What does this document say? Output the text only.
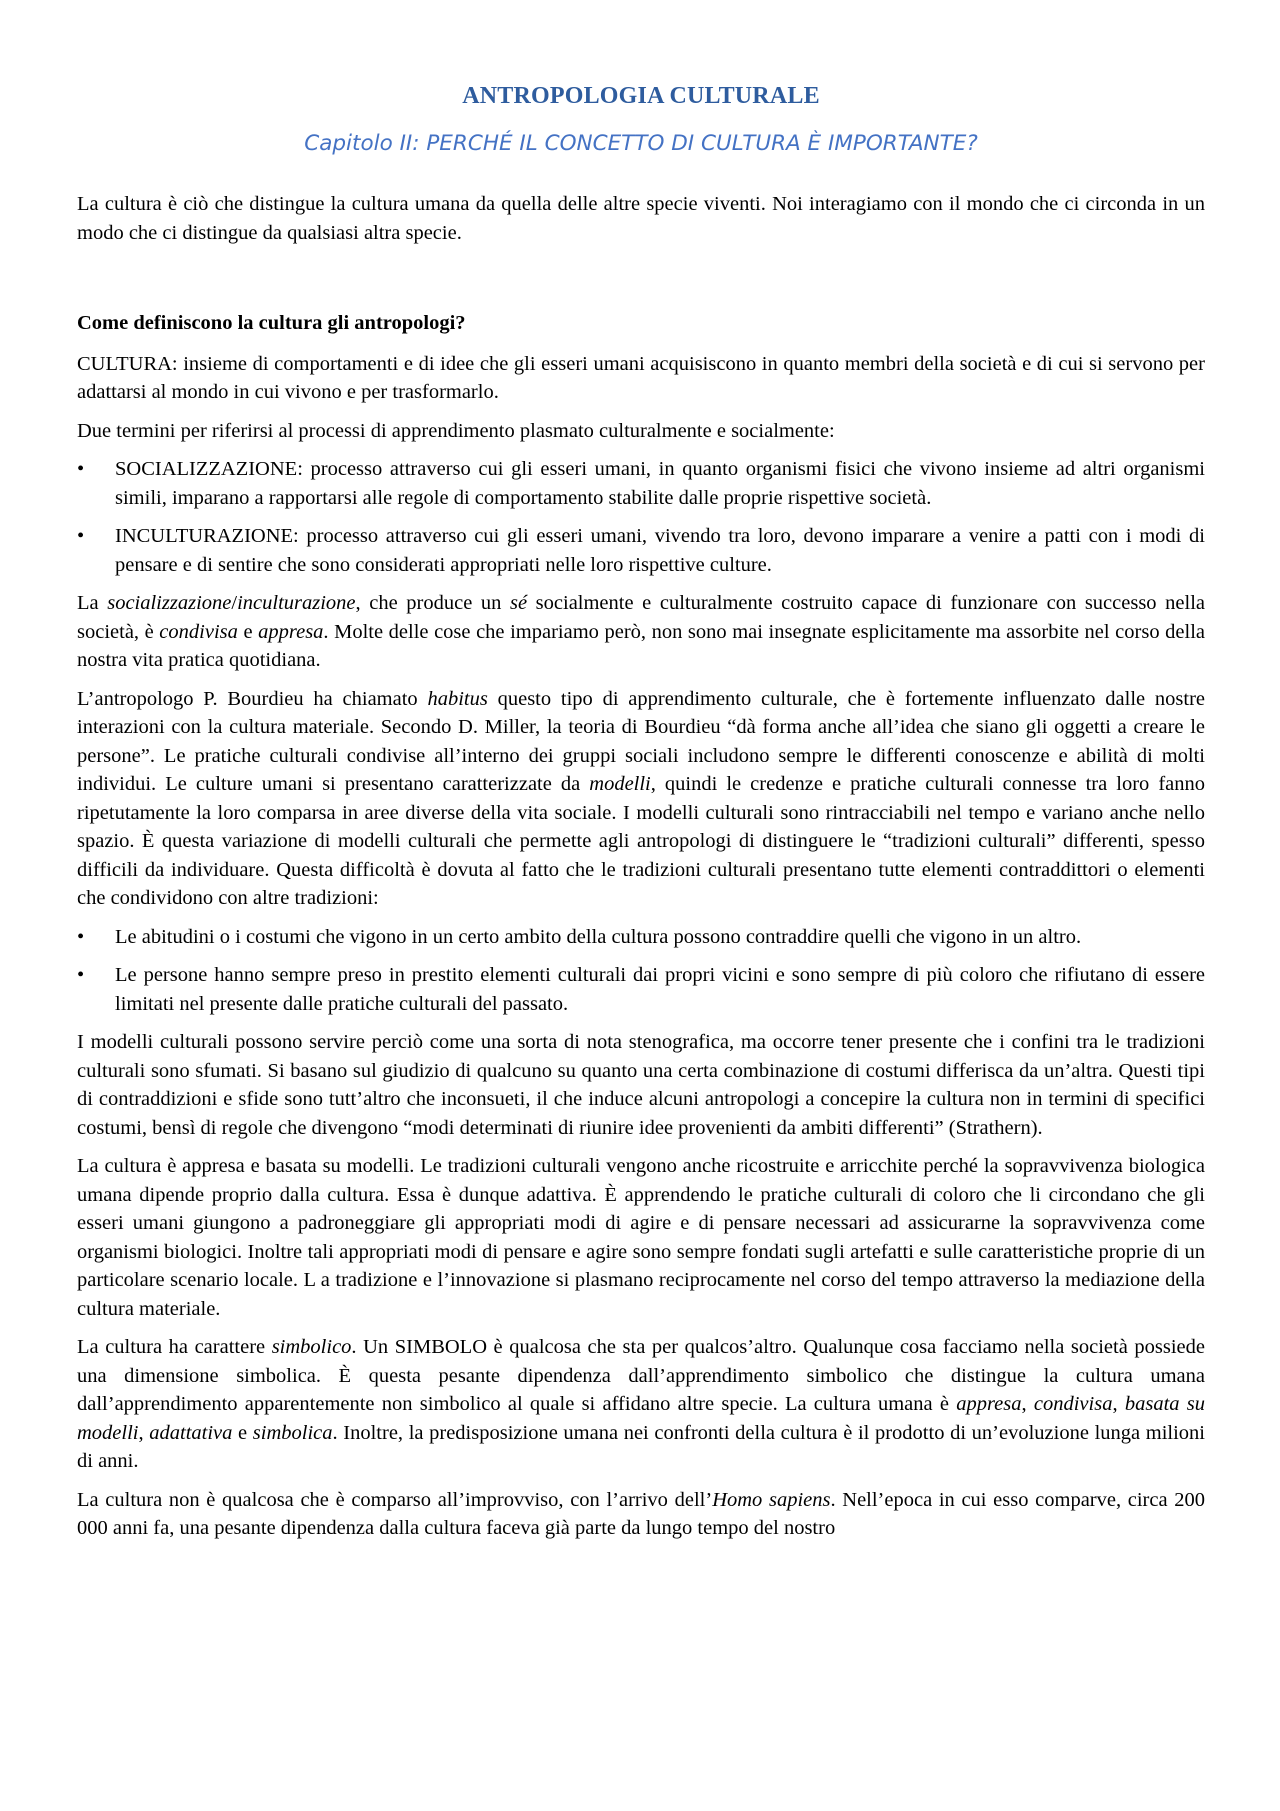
ANTROPOLOGIA CULTURALE
Capitolo II: PERCHÉ IL CONCETTO DI CULTURA È IMPORTANTE?

La cultura è ciò che distingue la cultura umana da quella delle altre specie viventi. Noi interagiamo con il mondo che ci circonda in un modo che ci distingue da qualsiasi altra specie.

Come definiscono la cultura gli antropologi?

CULTURA: insieme di comportamenti e di idee che gli esseri umani acquisiscono in quanto membri della società e di cui si servono per adattarsi al mondo in cui vivono e per trasformarlo.

Due termini per riferirsi al processi di apprendimento plasmato culturalmente e socialmente:

• SOCIALIZZAZIONE: processo attraverso cui gli esseri umani, in quanto organismi fisici che vivono insieme ad altri organismi simili, imparano a rapportarsi alle regole di comportamento stabilite dalle proprie rispettive società.
• INCULTURAZIONE: processo attraverso cui gli esseri umani, vivendo tra loro, devono imparare a venire a patti con i modi di pensare e di sentire che sono considerati appropriati nelle loro rispettive culture.

La socializzazione/inculturazione, che produce un sé socialmente e culturalmente costruito capace di funzionare con successo nella società, è condivisa e appresa. Molte delle cose che impariamo però, non sono mai insegnate esplicitamente ma assorbite nel corso della nostra vita pratica quotidiana.

L’antropologo P. Bourdieu ha chiamato habitus questo tipo di apprendimento culturale, che è fortemente influenzato dalle nostre interazioni con la cultura materiale. Secondo D. Miller, la teoria di Bourdieu “dà forma anche all’idea che siano gli oggetti a creare le persone”. Le pratiche culturali condivise all’interno dei gruppi sociali includono sempre le differenti conoscenze e abilità di molti individui. Le culture umani si presentano caratterizzate da modelli, quindi le credenze e pratiche culturali connesse tra loro fanno ripetutamente la loro comparsa in aree diverse della vita sociale. I modelli culturali sono rintracciabili nel tempo e variano anche nello spazio. È questa variazione di modelli culturali che permette agli antropologi di distinguere le “tradizioni culturali” differenti, spesso difficili da individuare. Questa difficoltà è dovuta al fatto che le tradizioni culturali presentano tutte elementi contraddittori o elementi che condividono con altre tradizioni:

• Le abitudini o i costumi che vigono in un certo ambito della cultura possono contraddire quelli che vigono in un altro.
• Le persone hanno sempre preso in prestito elementi culturali dai propri vicini e sono sempre di più coloro che rifiutano di essere limitati nel presente dalle pratiche culturali del passato.

I modelli culturali possono servire perciò come una sorta di nota stenografica, ma occorre tener presente che i confini tra le tradizioni culturali sono sfumati. Si basano sul giudizio di qualcuno su quanto una certa combinazione di costumi differisca da un’altra. Questi tipi di contraddizioni e sfide sono tutt’altro che inconsueti, il che induce alcuni antropologi a concepire la cultura non in termini di specifici costumi, bensì di regole che divengono “modi determinati di riunire idee provenienti da ambiti differenti” (Strathern).

La cultura è appresa e basata su modelli. Le tradizioni culturali vengono anche ricostruite e arricchite perché la sopravvivenza biologica umana dipende proprio dalla cultura. Essa è dunque adattiva. È apprendendo le pratiche culturali di coloro che li circondano che gli esseri umani giungono a padroneggiare gli appropriati modi di agire e di pensare necessari ad assicurarne la sopravvivenza come organismi biologici. Inoltre tali appropriati modi di pensare e agire sono sempre fondati sugli artefatti e sulle caratteristiche proprie di un particolare scenario locale. L a tradizione e l’innovazione si plasmano reciprocamente nel corso del tempo attraverso la mediazione della cultura materiale.

La cultura ha carattere simbolico. Un SIMBOLO è qualcosa che sta per qualcos’altro. Qualunque cosa facciamo nella società possiede una dimensione simbolica. È questa pesante dipendenza dall’apprendimento simbolico che distingue la cultura umana dall’apprendimento apparentemente non simbolico al quale si affidano altre specie. La cultura umana è appresa, condivisa, basata su modelli, adattativa e simbolica. Inoltre, la predisposizione umana nei confronti della cultura è il prodotto di un’evoluzione lunga milioni di anni.

La cultura non è qualcosa che è comparso all’improvviso, con l’arrivo dell’Homo sapiens. Nell’epoca in cui esso comparve, circa 200 000 anni fa, una pesante dipendenza dalla cultura faceva già parte da lungo tempo del nostro
